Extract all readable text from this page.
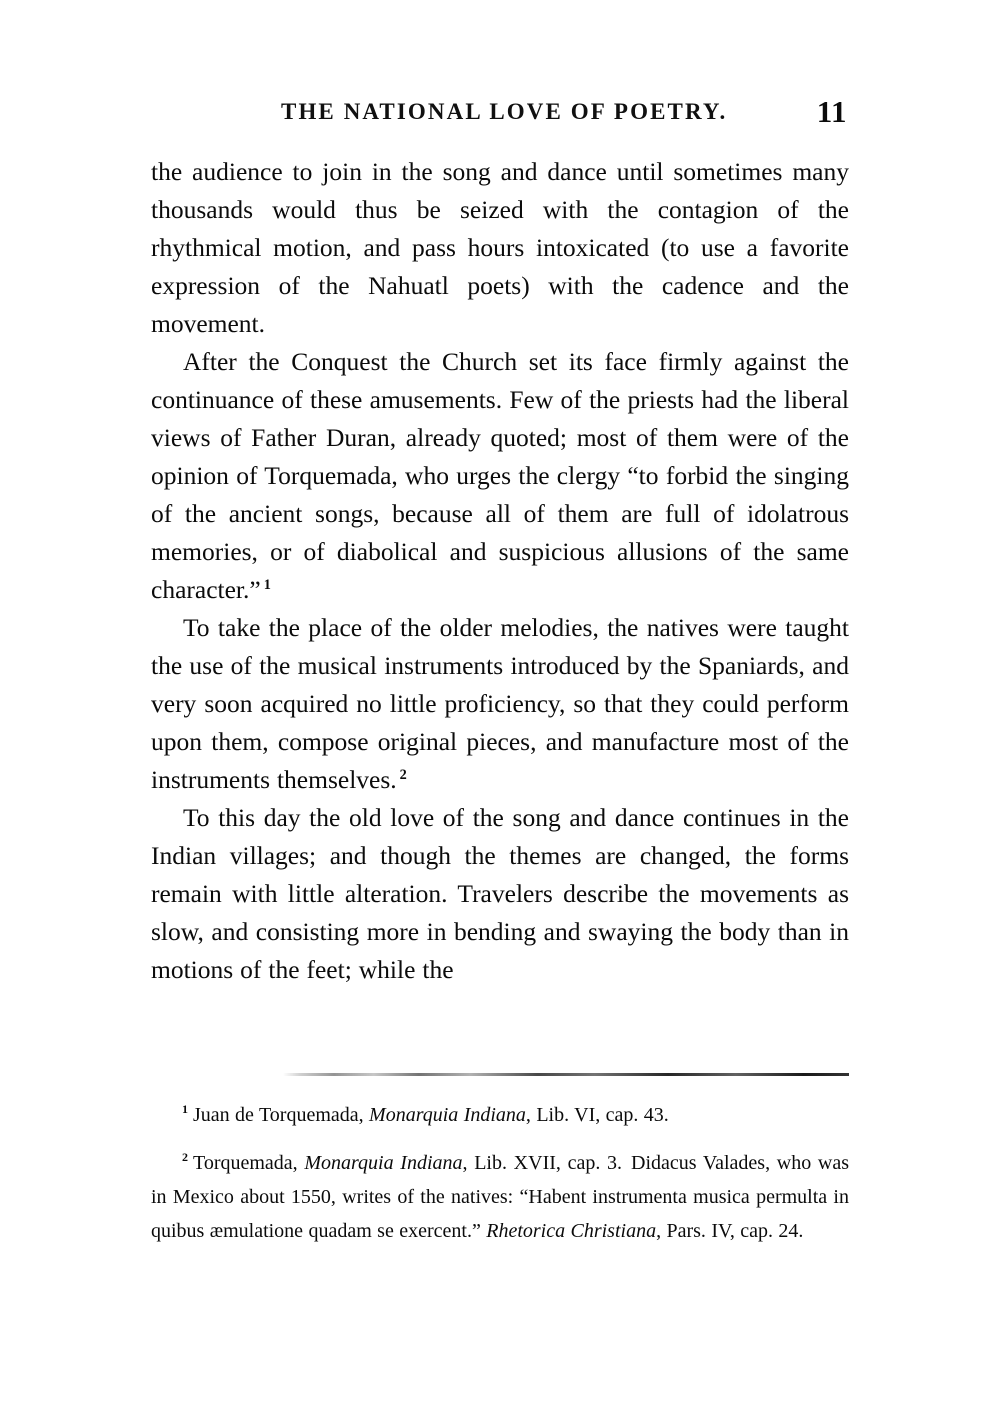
THE NATIONAL LOVE OF POETRY.	11

the audience to join in the song and dance until sometimes many thousands would thus be seized with the contagion of the rhythmical motion, and pass hours intoxicated (to use a favorite expression of the Nahuatl poets) with the cadence and the movement.

After the Conquest the Church set its face firmly against the continuance of these amusements. Few of the priests had the liberal views of Father Duran, already quoted; most of them were of the opinion of Torquemada, who urges the clergy “to forbid the singing of the ancient songs, because all of them are full of idolatrous memories, or of diabolical and suspicious allusions of the same character.” $^1$

To take the place of the older melodies, the natives were taught the use of the musical instruments introduced by the Spaniards, and very soon acquired no little proficiency, so that they could perform upon them, compose original pieces, and manufacture most of the instruments themselves. $^2$

To this day the old love of the song and dance continues in the Indian villages; and though the themes are changed, the forms remain with little alteration. Travelers describe the movements as slow, and consisting more in bending and swaying the body than in motions of the feet; while the

$^1$ Juan de Torquemada, Monarquia Indiana, Lib. VI, cap. 43.

$^2$ Torquemada, Monarquia Indiana, Lib. XVII, cap. 3. Didacus Valades, who was in Mexico about 1550, writes of the natives: “Habent instrumenta musica permulta in quibus æmulatione quadam se exercent.” Rhetorica Christiana, Pars. IV, cap. 24.
